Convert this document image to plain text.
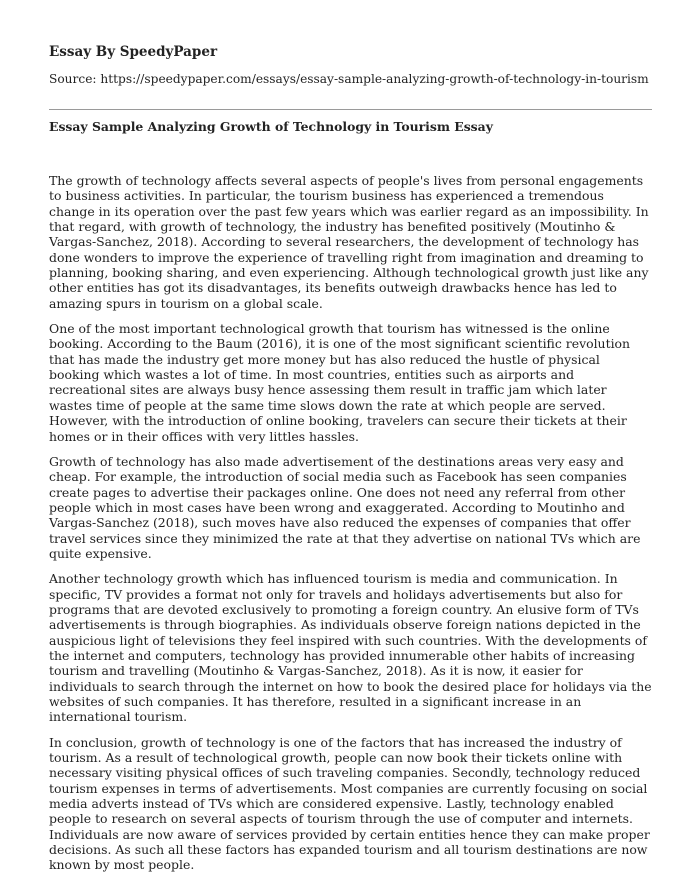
Essay By SpeedyPaper
Source: https://speedypaper.com/essays/essay-sample-analyzing-growth-of-technology-in-tourism
Essay Sample Analyzing Growth of Technology in Tourism Essay

The growth of technology affects several aspects of people's lives from personal engagements to business activities. In particular, the tourism business has experienced a tremendous change in its operation over the past few years which was earlier regard as an impossibility. In that regard, with growth of technology, the industry has benefited positively (Moutinho & Vargas-Sanchez, 2018). According to several researchers, the development of technology has done wonders to improve the experience of travelling right from imagination and dreaming to planning, booking sharing, and even experiencing. Although technological growth just like any other entities has got its disadvantages, its benefits outweigh drawbacks hence has led to amazing spurs in tourism on a global scale.

One of the most important technological growth that tourism has witnessed is the online booking. According to the Baum (2016), it is one of the most significant scientific revolution that has made the industry get more money but has also reduced the hustle of physical booking which wastes a lot of time. In most countries, entities such as airports and recreational sites are always busy hence assessing them result in traffic jam which later wastes time of people at the same time slows down the rate at which people are served. However, with the introduction of online booking, travelers can secure their tickets at their homes or in their offices with very littles hassles.

Growth of technology has also made advertisement of the destinations areas very easy and cheap. For example, the introduction of social media such as Facebook has seen companies create pages to advertise their packages online. One does not need any referral from other people which in most cases have been wrong and exaggerated. According to Moutinho and Vargas-Sanchez (2018), such moves have also reduced the expenses of companies that offer travel services since they minimized the rate at that they advertise on national TVs which are quite expensive.

Another technology growth which has influenced tourism is media and communication. In specific, TV provides a format not only for travels and holidays advertisements but also for programs that are devoted exclusively to promoting a foreign country. An elusive form of TVs advertisements is through biographies. As individuals observe foreign nations depicted in the auspicious light of televisions they feel inspired with such countries. With the developments of the internet and computers, technology has provided innumerable other habits of increasing tourism and travelling (Moutinho & Vargas-Sanchez, 2018). As it is now, it easier for individuals to search through the internet on how to book the desired place for holidays via the websites of such companies. It has therefore, resulted in a significant increase in an international tourism.

In conclusion, growth of technology is one of the factors that has increased the industry of tourism. As a result of technological growth, people can now book their tickets online with necessary visiting physical offices of such traveling companies. Secondly, technology reduced tourism expenses in terms of advertisements. Most companies are currently focusing on social media adverts instead of TVs which are considered expensive. Lastly, technology enabled people to research on several aspects of tourism through the use of computer and internets. Individuals are now aware of services provided by certain entities hence they can make proper decisions. As such all these factors has expanded tourism and all tourism destinations are now known by most people.
